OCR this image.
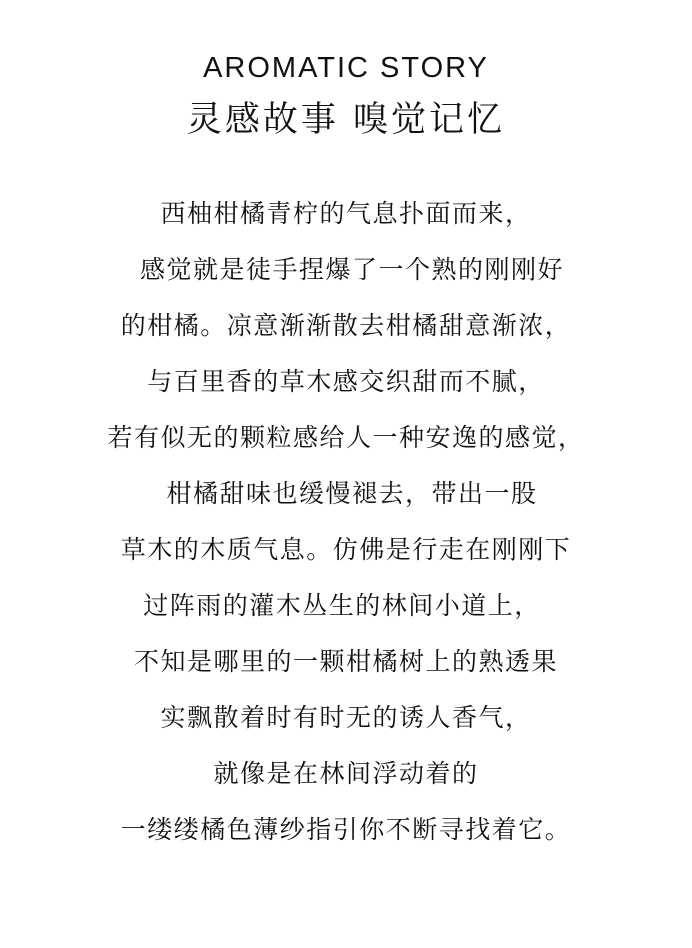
AROMATIC STORY
灵感故事 嗅觉记忆
西柚柑橘青柠的气息扑面而来，
感觉就是徒手捏爆了一个熟的刚刚好
的柑橘。凉意渐渐散去柑橘甜意渐浓，
与百里香的草木感交织甜而不腻，
若有似无的颗粒感给人一种安逸的感觉，
柑橘甜味也缓慢褪去，带出一股
草木的木质气息。仿佛是行走在刚刚下
过阵雨的灌木丛生的林间小道上，
不知是哪里的一颗柑橘树上的熟透果
实飘散着时有时无的诱人香气，
就像是在林间浮动着的
一缕缕橘色薄纱指引你不断寻找着它。
